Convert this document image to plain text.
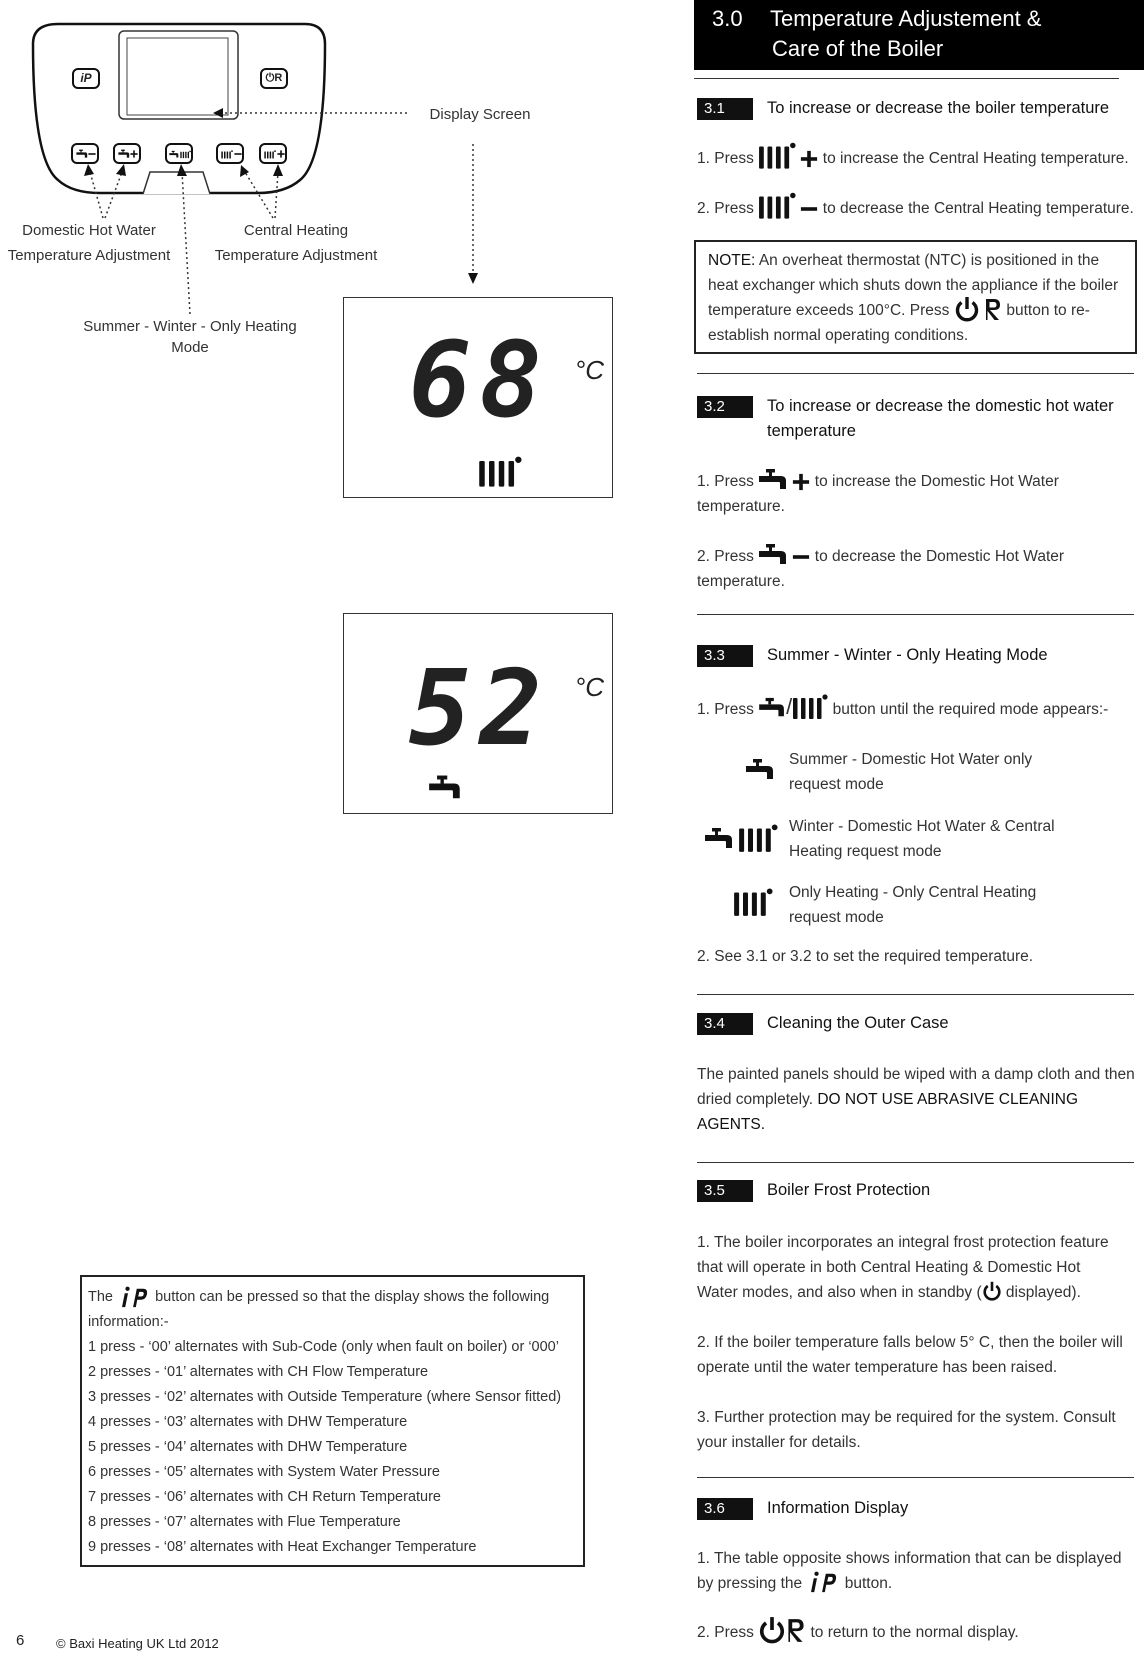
iP	⏻R
Display Screen
Domestic Hot Water
Temperature Adjustment
Central Heating
Temperature Adjustment
Summer - Winter - Only Heating
Mode	68 °C
52 °C
The	button can be pressed so that the display shows the following
information:-
1 press - ‘00’ alternates with Sub-Code (only when fault on boiler) or ‘000’
2 presses - ‘01’ alternates with CH Flow Temperature
3 presses - ‘02’ alternates with Outside Temperature (where Sensor fitted)
4 presses - ‘03’ alternates with DHW Temperature
5 presses - ‘04’ alternates with DHW Temperature
6 presses - ‘05’ alternates with System Water Pressure
7 presses - ‘06’ alternates with CH Return Temperature
8 presses - ‘07’ alternates with Flue Temperature
9 presses - ‘08’ alternates with Heat Exchanger Temperature
6 © Baxi Heating UK Ltd 2012
3.0 Temperature Adjustement &
Care of the Boiler
3.1	To increase or decrease the boiler temperature
1. Press	to increase the Central Heating temperature.
2. Press	to decrease the Central Heating temperature.
NOTE: An overheat thermostat (NTC) is positioned in the
heat exchanger which shuts down the appliance if the boiler
temperature exceeds 100°C. Press	button to re-
establish normal operating conditions.
3.2	To increase or decrease the domestic hot water
temperature
1. Press	to increase the Domestic Hot Water
temperature.
2. Press	to decrease the Domestic Hot Water
temperature.
3.3	Summer - Winter - Only Heating Mode
1. Press /	button until the required mode appears:-
Summer - Domestic Hot Water only
request mode
Winter - Domestic Hot Water & Central
Heating request mode
Only Heating - Only Central Heating
request mode
2. See 3.1 or 3.2 to set the required temperature.
3.4	Cleaning the Outer Case
The painted panels should be wiped with a damp cloth and then
dried completely. DO NOT USE ABRASIVE CLEANING
AGENTS.
3.5	Boiler Frost Protection
1. The boiler incorporates an integral frost protection feature
that will operate in both Central Heating & Domestic Hot
Water modes, and also when in standby ( displayed).
2. If the boiler temperature falls below 5° C, then the boiler will
operate until the water temperature has been raised.
3. Further protection may be required for the system. Consult
your installer for details.
3.6	Information Display
1. The table opposite shows information that can be displayed
by pressing the	button.
2. Press	to return to the normal display.
